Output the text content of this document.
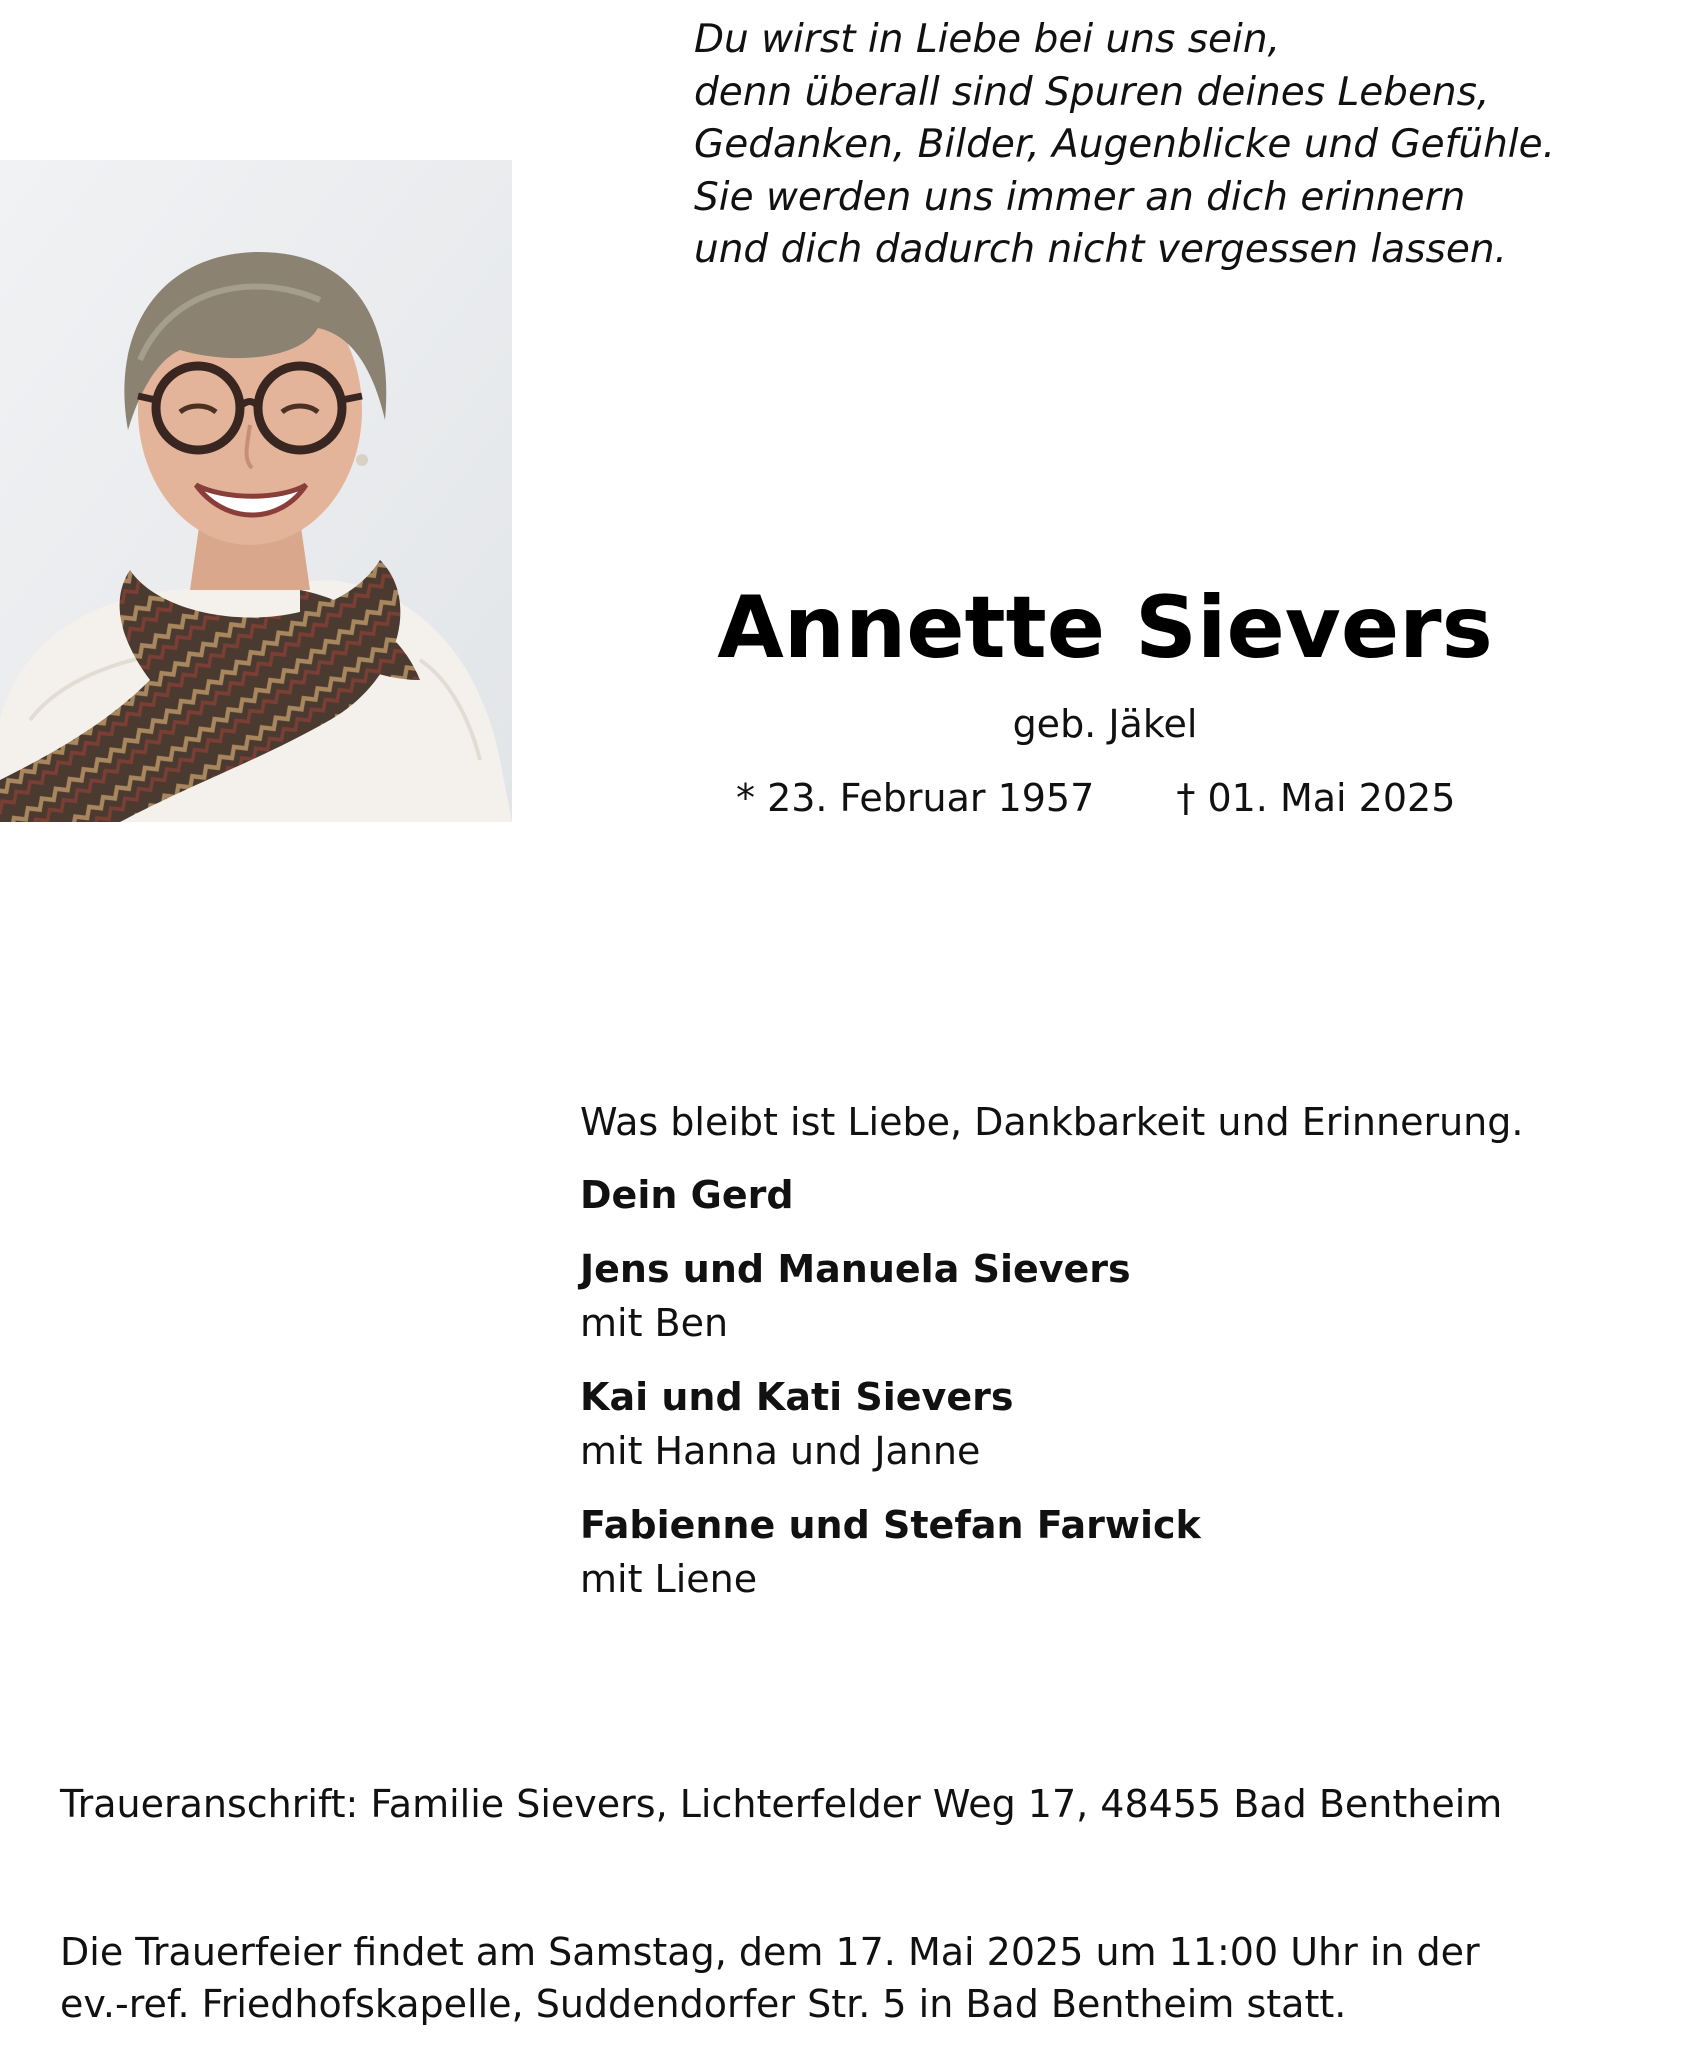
Du wirst in Liebe bei uns sein,
denn überall sind Spuren deines Lebens,
Gedanken, Bilder, Augenblicke und Gefühle.
Sie werden uns immer an dich erinnern
und dich dadurch nicht vergessen lassen.
Annette Sievers
geb. Jäkel
* 23. Februar 1957 † 01. Mai 2025
Was bleibt ist Liebe, Dankbarkeit und Erinnerung.
Dein Gerd
Jens und Manuela Sievers
mit Ben
Kai und Kati Sievers
mit Hanna und Janne
Fabienne und Stefan Farwick
mit Liene
Traueranschrift: Familie Sievers, Lichterfelder Weg 17, 48455 Bad Bentheim
Die Trauerfeier findet am Samstag, dem 17. Mai 2025 um 11:00 Uhr in der
ev.-ref. Friedhofskapelle, Suddendorfer Str. 5 in Bad Bentheim statt.
